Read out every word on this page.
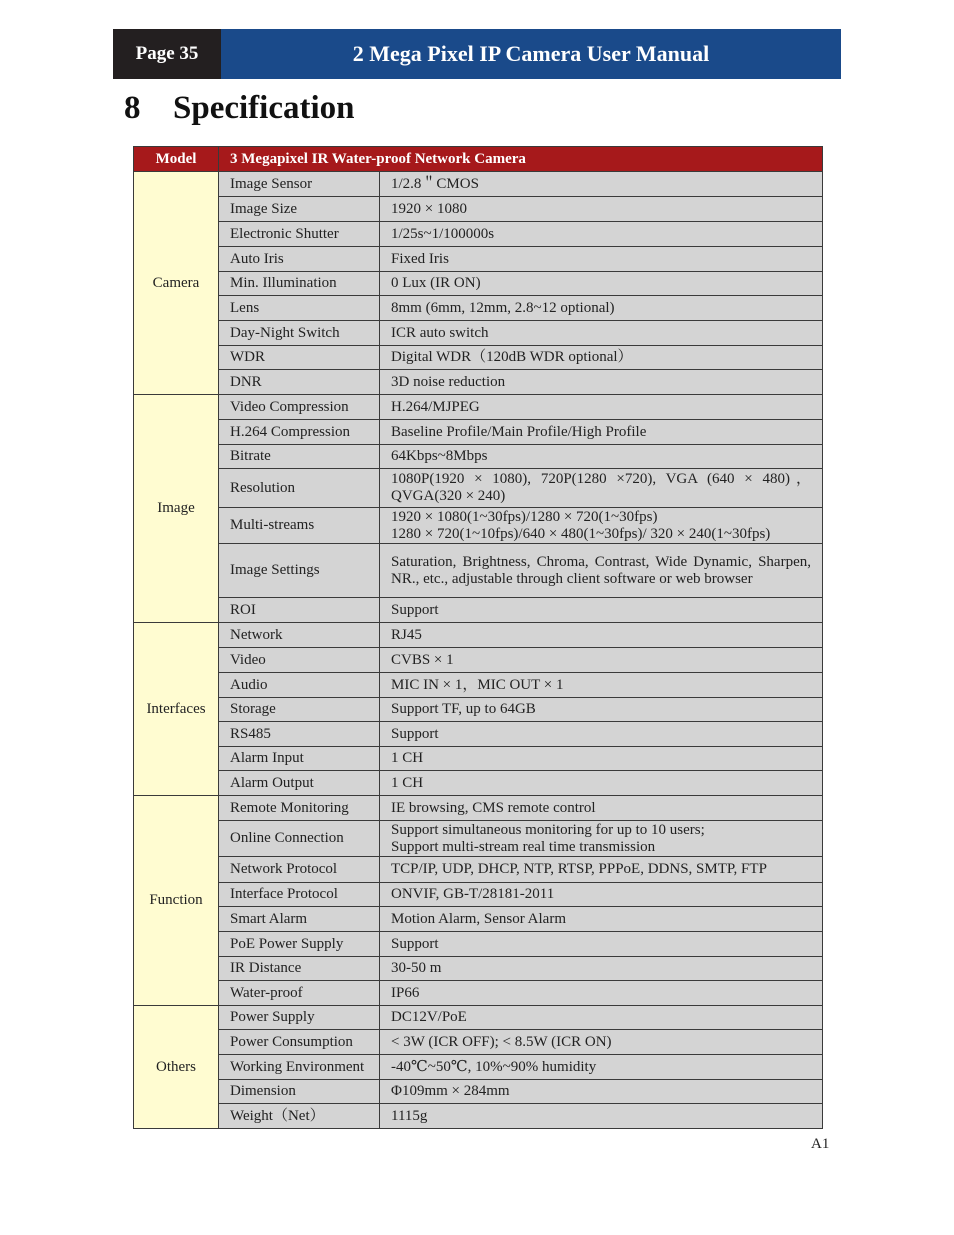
Page 35	2 Mega Pixel IP Camera User Manual
8 Specification
Model	3 Megapixel IR Water-proof Network Camera	
Camera	Image Sensor	1/2.8＂CMOS
	Image Size	1920 × 1080
	Electronic Shutter	1/25s~1/100000s
	Auto Iris	Fixed Iris
	Min. Illumination	0 Lux (IR ON)
	Lens	8mm (6mm, 12mm, 2.8~12 optional)
	Day-Night Switch	ICR auto switch
	WDR	Digital WDR（120dB WDR optional）
	DNR	3D noise reduction
Image	Video Compression	H.264/MJPEG
	H.264 Compression	Baseline Profile/Main Profile/High Profile
	Bitrate	64Kbps~8Mbps
	Resolution	1080P(1920 × 1080), 720P(1280 ×720), VGA (640 × 480)，QVGA(320 × 240)
	Multi-streams	1920 × 1080(1~30fps)/1280 × 720(1~30fps)
1280 × 720(1~10fps)/640 × 480(1~30fps)/ 320 × 240(1~30fps)
	Image Settings	Saturation, Brightness, Chroma, Contrast, Wide Dynamic, Sharpen, NR., etc., adjustable through client software or web browser
	ROI	Support
Interfaces	Network	RJ45
	Video	CVBS × 1
	Audio	MIC IN × 1，MIC OUT × 1
	Storage	Support TF, up to 64GB
	RS485	Support
	Alarm Input	1 CH
	Alarm Output	1 CH
Function	Remote Monitoring	IE browsing, CMS remote control
	Online Connection	Support simultaneous monitoring for up to 10 users;
Support multi-stream real time transmission
	Network Protocol	TCP/IP, UDP, DHCP, NTP, RTSP, PPPoE, DDNS, SMTP, FTP
	Interface Protocol	ONVIF, GB-T/28181-2011
	Smart Alarm	Motion Alarm, Sensor Alarm
	PoE Power Supply	Support
	IR Distance	30-50 m
	Water-proof	IP66
Others	Power Supply	DC12V/PoE
	Power Consumption	< 3W (ICR OFF); < 8.5W (ICR ON)
	Working Environment	-40℃~50℃, 10%~90% humidity
	Dimension	Φ109mm × 284mm
	Weight（Net）	1115g
A1
